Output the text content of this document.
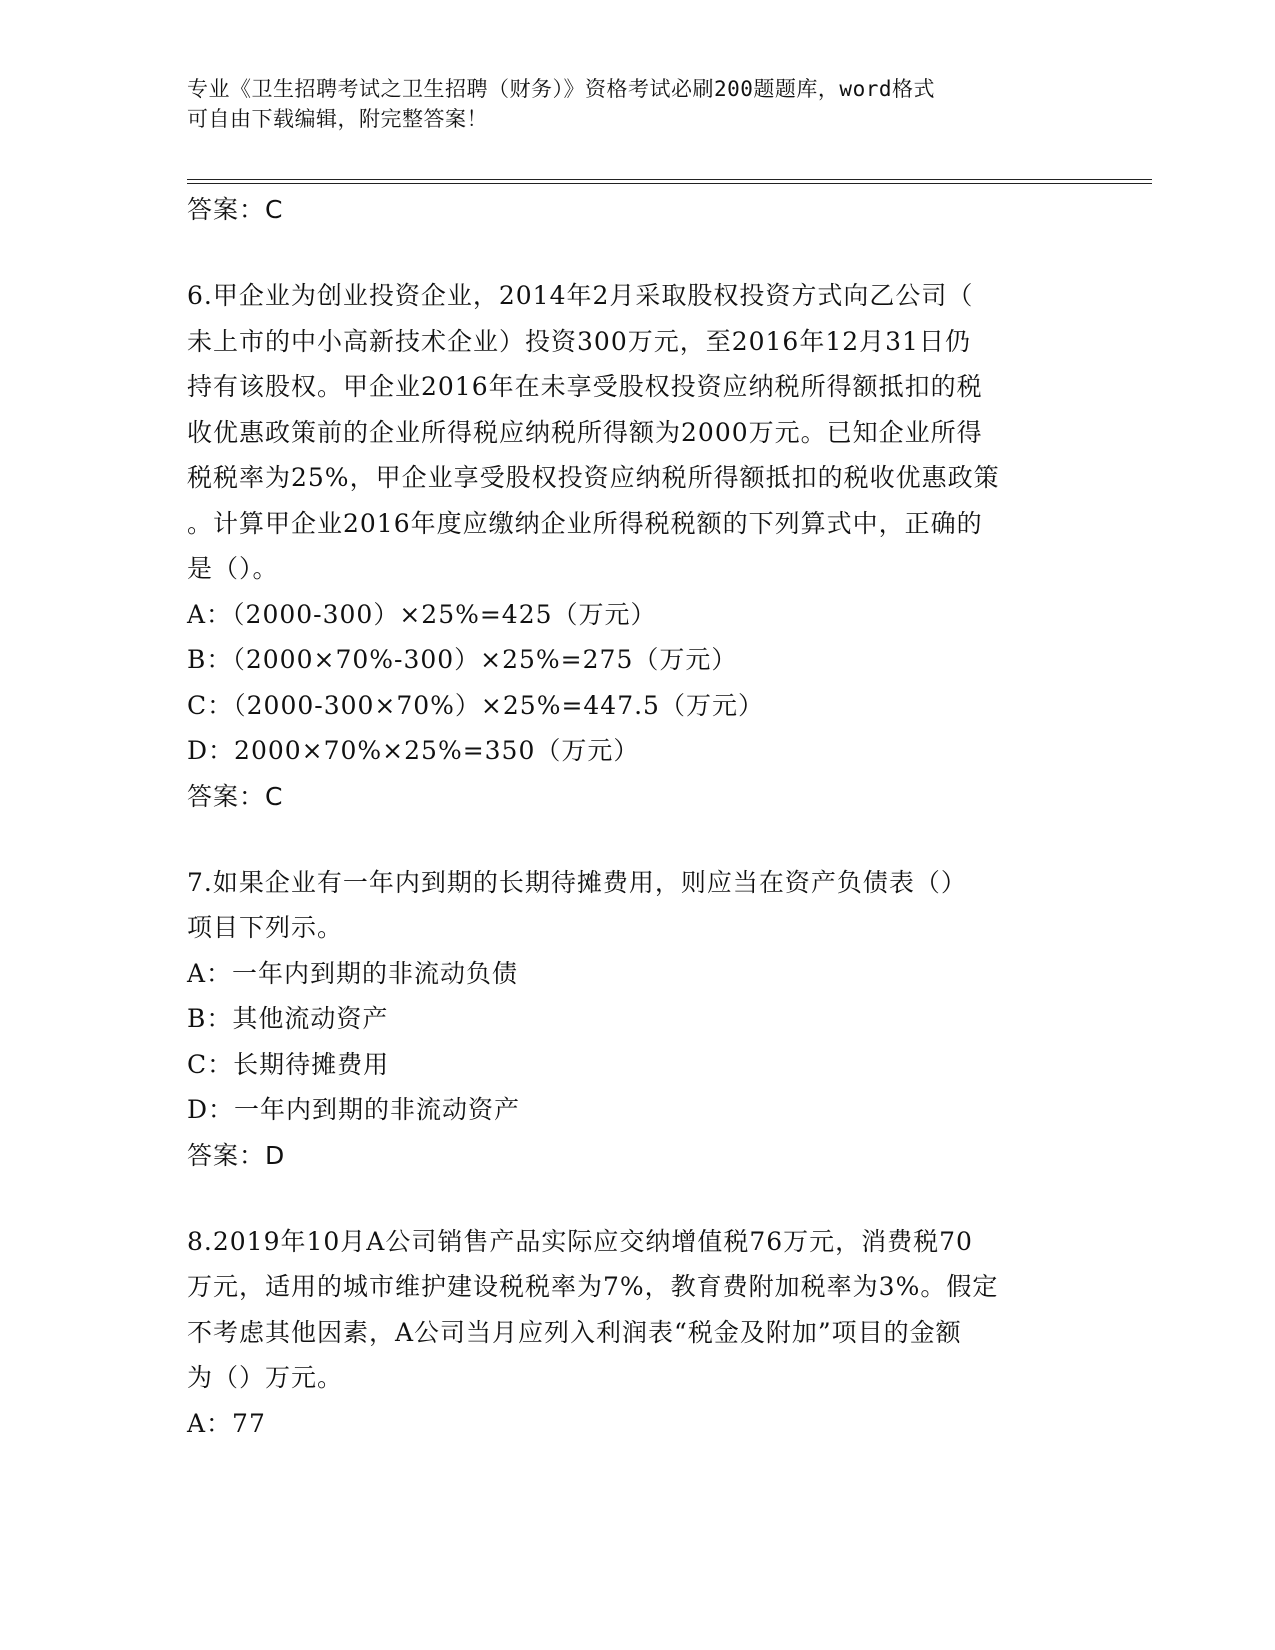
专业《卫生招聘考试之卫生招聘（财务）》资格考试必刷200题题库，word格式
可自由下载编辑，附完整答案！
答案：C
6.甲企业为创业投资企业，2014年2月采取股权投资方式向乙公司（
未上市的中小高新技术企业）投资300万元，至2016年12月31日仍
持有该股权。甲企业2016年在未享受股权投资应纳税所得额抵扣的税
收优惠政策前的企业所得税应纳税所得额为2000万元。已知企业所得
税税率为25%，甲企业享受股权投资应纳税所得额抵扣的税收优惠政策
。计算甲企业2016年度应缴纳企业所得税税额的下列算式中，正确的
是（）。
A：（2000-300）×25%=425（万元）
B：（2000×70%-300）×25%=275（万元）
C：（2000-300×70%）×25%=447.5（万元）
D：2000×70%×25%=350（万元）
答案：C
7.如果企业有一年内到期的长期待摊费用，则应当在资产负债表（）
项目下列示。
A：一年内到期的非流动负债
B：其他流动资产
C：长期待摊费用
D：一年内到期的非流动资产
答案：D
8.2019年10月A公司销售产品实际应交纳增值税76万元，消费税70
万元，适用的城市维护建设税税率为7%，教育费附加税率为3%。假定
不考虑其他因素，A公司当月应列入利润表“税金及附加”项目的金额
为（）万元。
A：77
